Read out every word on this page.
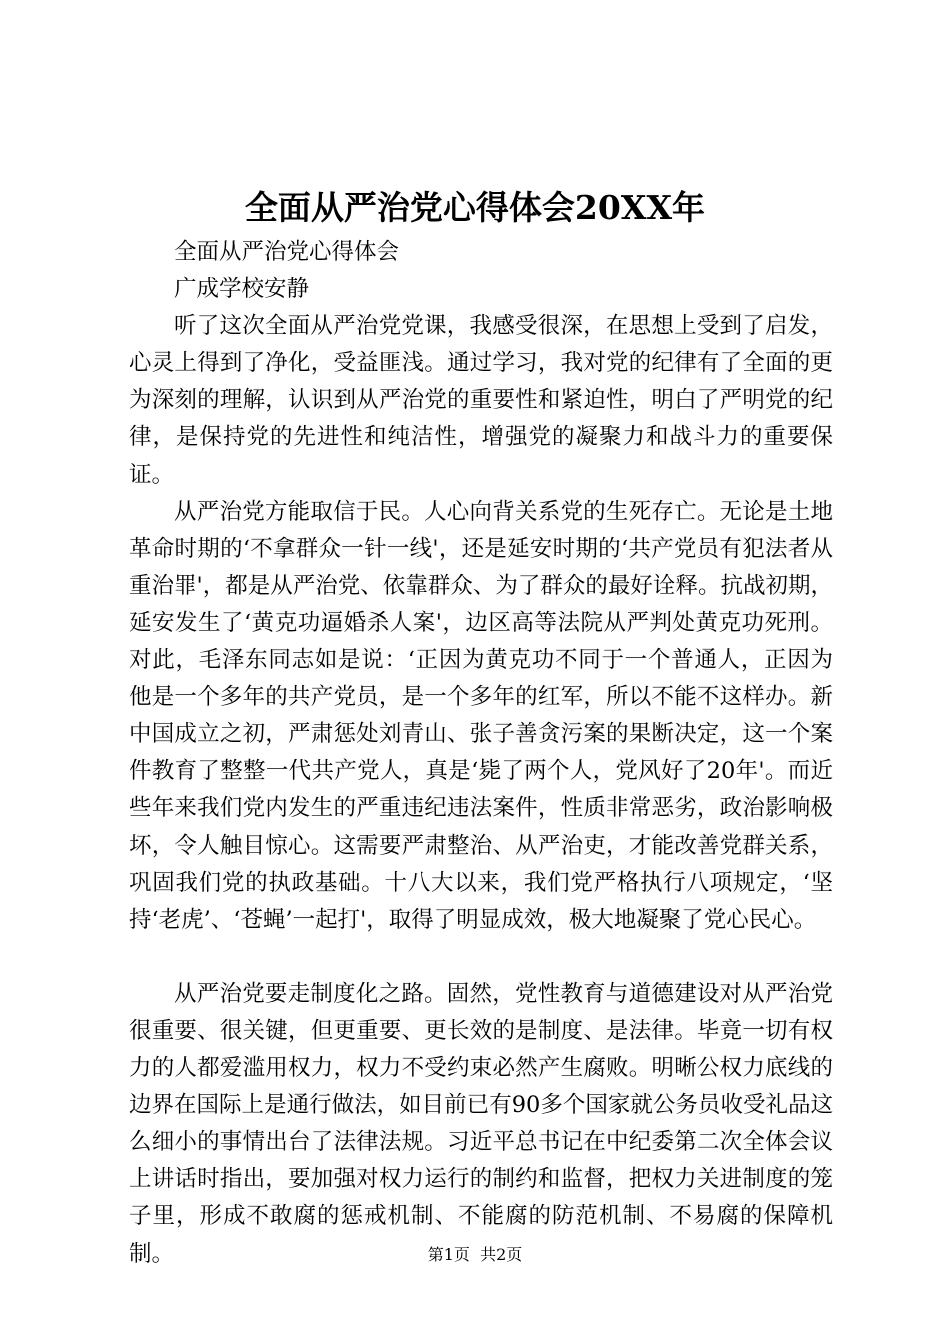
全面从严治党心得体会20XX年

全面从严治党心得体会

广成学校安静

听了这次全面从严治党党课，我感受很深，在思想上受到了启发，心灵上得到了净化，受益匪浅。通过学习，我对党的纪律有了全面的更为深刻的理解，认识到从严治党的重要性和紧迫性，明白了严明党的纪律，是保持党的先进性和纯洁性，增强党的凝聚力和战斗力的重要保证。

从严治党方能取信于民。人心向背关系党的生死存亡。无论是土地革命时期的‘不拿群众一针一线'，还是延安时期的‘共产党员有犯法者从重治罪'，都是从严治党、依靠群众、为了群众的最好诠释。抗战初期，延安发生了‘黄克功逼婚杀人案'，边区高等法院从严判处黄克功死刑。对此，毛泽东同志如是说：‘正因为黄克功不同于一个普通人，正因为他是一个多年的共产党员，是一个多年的红军，所以不能不这样办。新中国成立之初，严肃惩处刘青山、张子善贪污案的果断决定，这一个案件教育了整整一代共产党人，真是‘毙了两个人，党风好了20年'。而近些年来我们党内发生的严重违纪违法案件，性质非常恶劣，政治影响极坏，令人触目惊心。这需要严肃整治、从严治吏，才能改善党群关系，巩固我们党的执政基础。十八大以来，我们党严格执行八项规定，‘坚持‘老虎’、‘苍蝇’一起打'，取得了明显成效，极大地凝聚了党心民心。

从严治党要走制度化之路。固然，党性教育与道德建设对从严治党很重要、很关键，但更重要、更长效的是制度、是法律。毕竟一切有权力的人都爱滥用权力，权力不受约束必然产生腐败。明晰公权力底线的边界在国际上是通行做法，如目前已有90多个国家就公务员收受礼品这么细小的事情出台了法律法规。习近平总书记在中纪委第二次全体会议上讲话时指出，要加强对权力运行的制约和监督，把权力关进制度的笼子里，形成不敢腐的惩戒机制、不能腐的防范机制、不易腐的保障机制。	第1页 共2页
